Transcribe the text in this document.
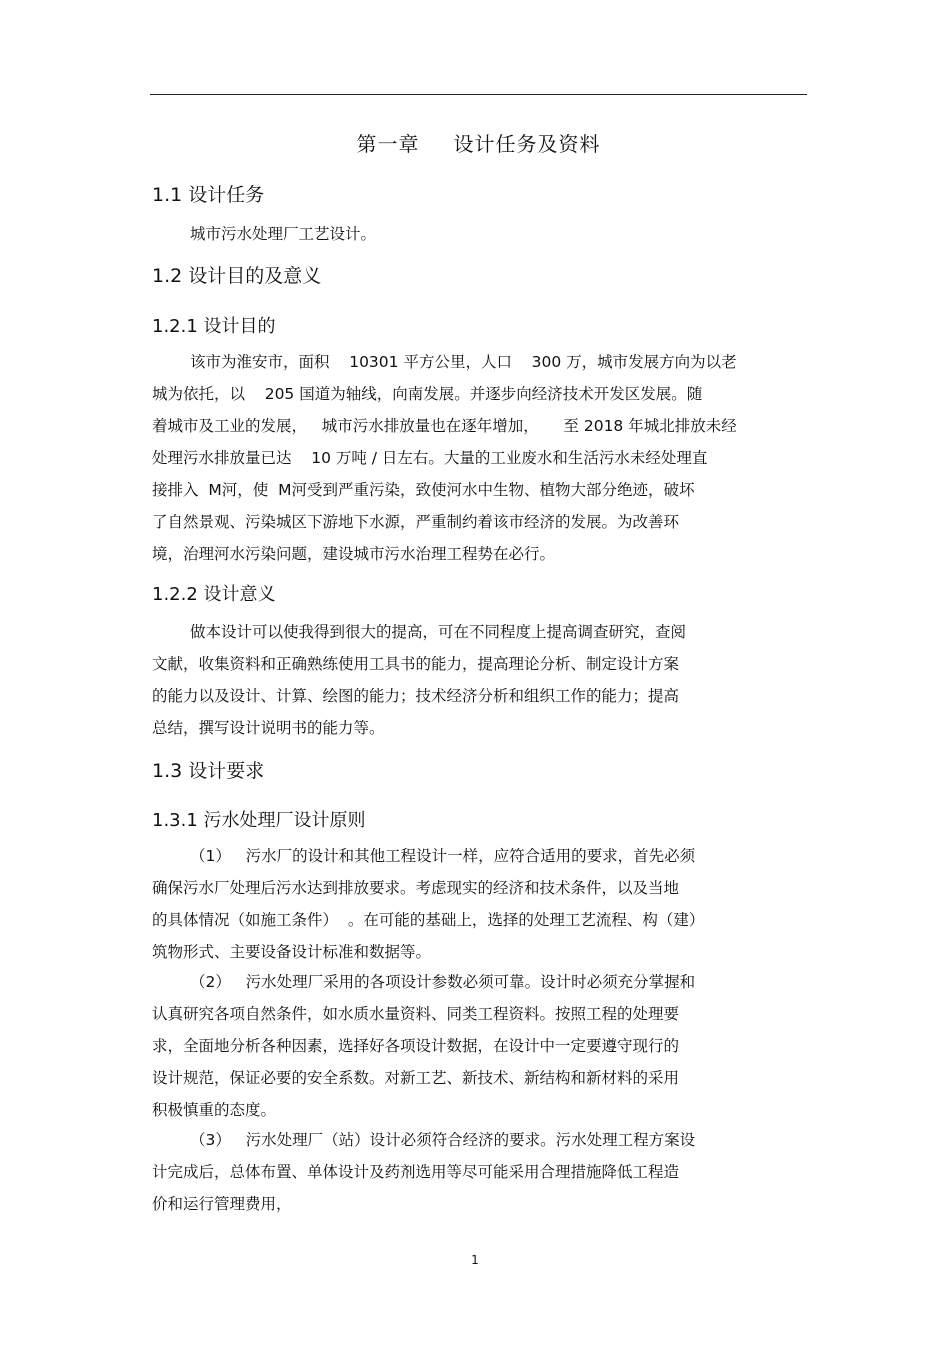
第一章 设计任务及资料
1.1 设计任务
城市污水处理厂工艺设计。
1.2 设计目的及意义
1.2.1 设计目的
该市为淮安市，面积    10301 平方公里，人口    300 万，城市发展方向为以老
城为依托，以    205 国道为轴线，向南发展。并逐步向经济技术开发区发展。随
着城市及工业的发展，   城市污水排放量也在逐年增加，     至 2018 年城北排放未经
处理污水排放量已达    10 万吨 / 日左右。大量的工业废水和生活污水未经处理直
接排入  M河，使  M河受到严重污染，致使河水中生物、植物大部分绝迹，破坏
了自然景观、污染城区下游地下水源，严重制约着该市经济的发展。为改善环
境，治理河水污染问题，建设城市污水治理工程势在必行。
1.2.2 设计意义
做本设计可以使我得到很大的提高，可在不同程度上提高调查研究，查阅
文献，收集资料和正确熟练使用工具书的能力，提高理论分析、制定设计方案
的能力以及设计、计算、绘图的能力；技术经济分析和组织工作的能力；提高
总结，撰写设计说明书的能力等。
1.3 设计要求
1.3.1 污水处理厂设计原则
（1）   污水厂的设计和其他工程设计一样，应符合适用的要求，首先必须
确保污水厂处理后污水达到排放要求。考虑现实的经济和技术条件，以及当地
的具体情况（如施工条件）  。在可能的基础上，选择的处理工艺流程、构（建）
筑物形式、主要设备设计标准和数据等。
（2）   污水处理厂采用的各项设计参数必须可靠。设计时必须充分掌握和
认真研究各项自然条件，如水质水量资料、同类工程资料。按照工程的处理要
求，全面地分析各种因素，选择好各项设计数据，在设计中一定要遵守现行的
设计规范，保证必要的安全系数。对新工艺、新技术、新结构和新材料的采用
积极慎重的态度。
（3）   污水处理厂（站）设计必须符合经济的要求。污水处理工程方案设
计完成后，总体布置、单体设计及药剂选用等尽可能采用合理措施降低工程造
价和运行管理费用，
1
